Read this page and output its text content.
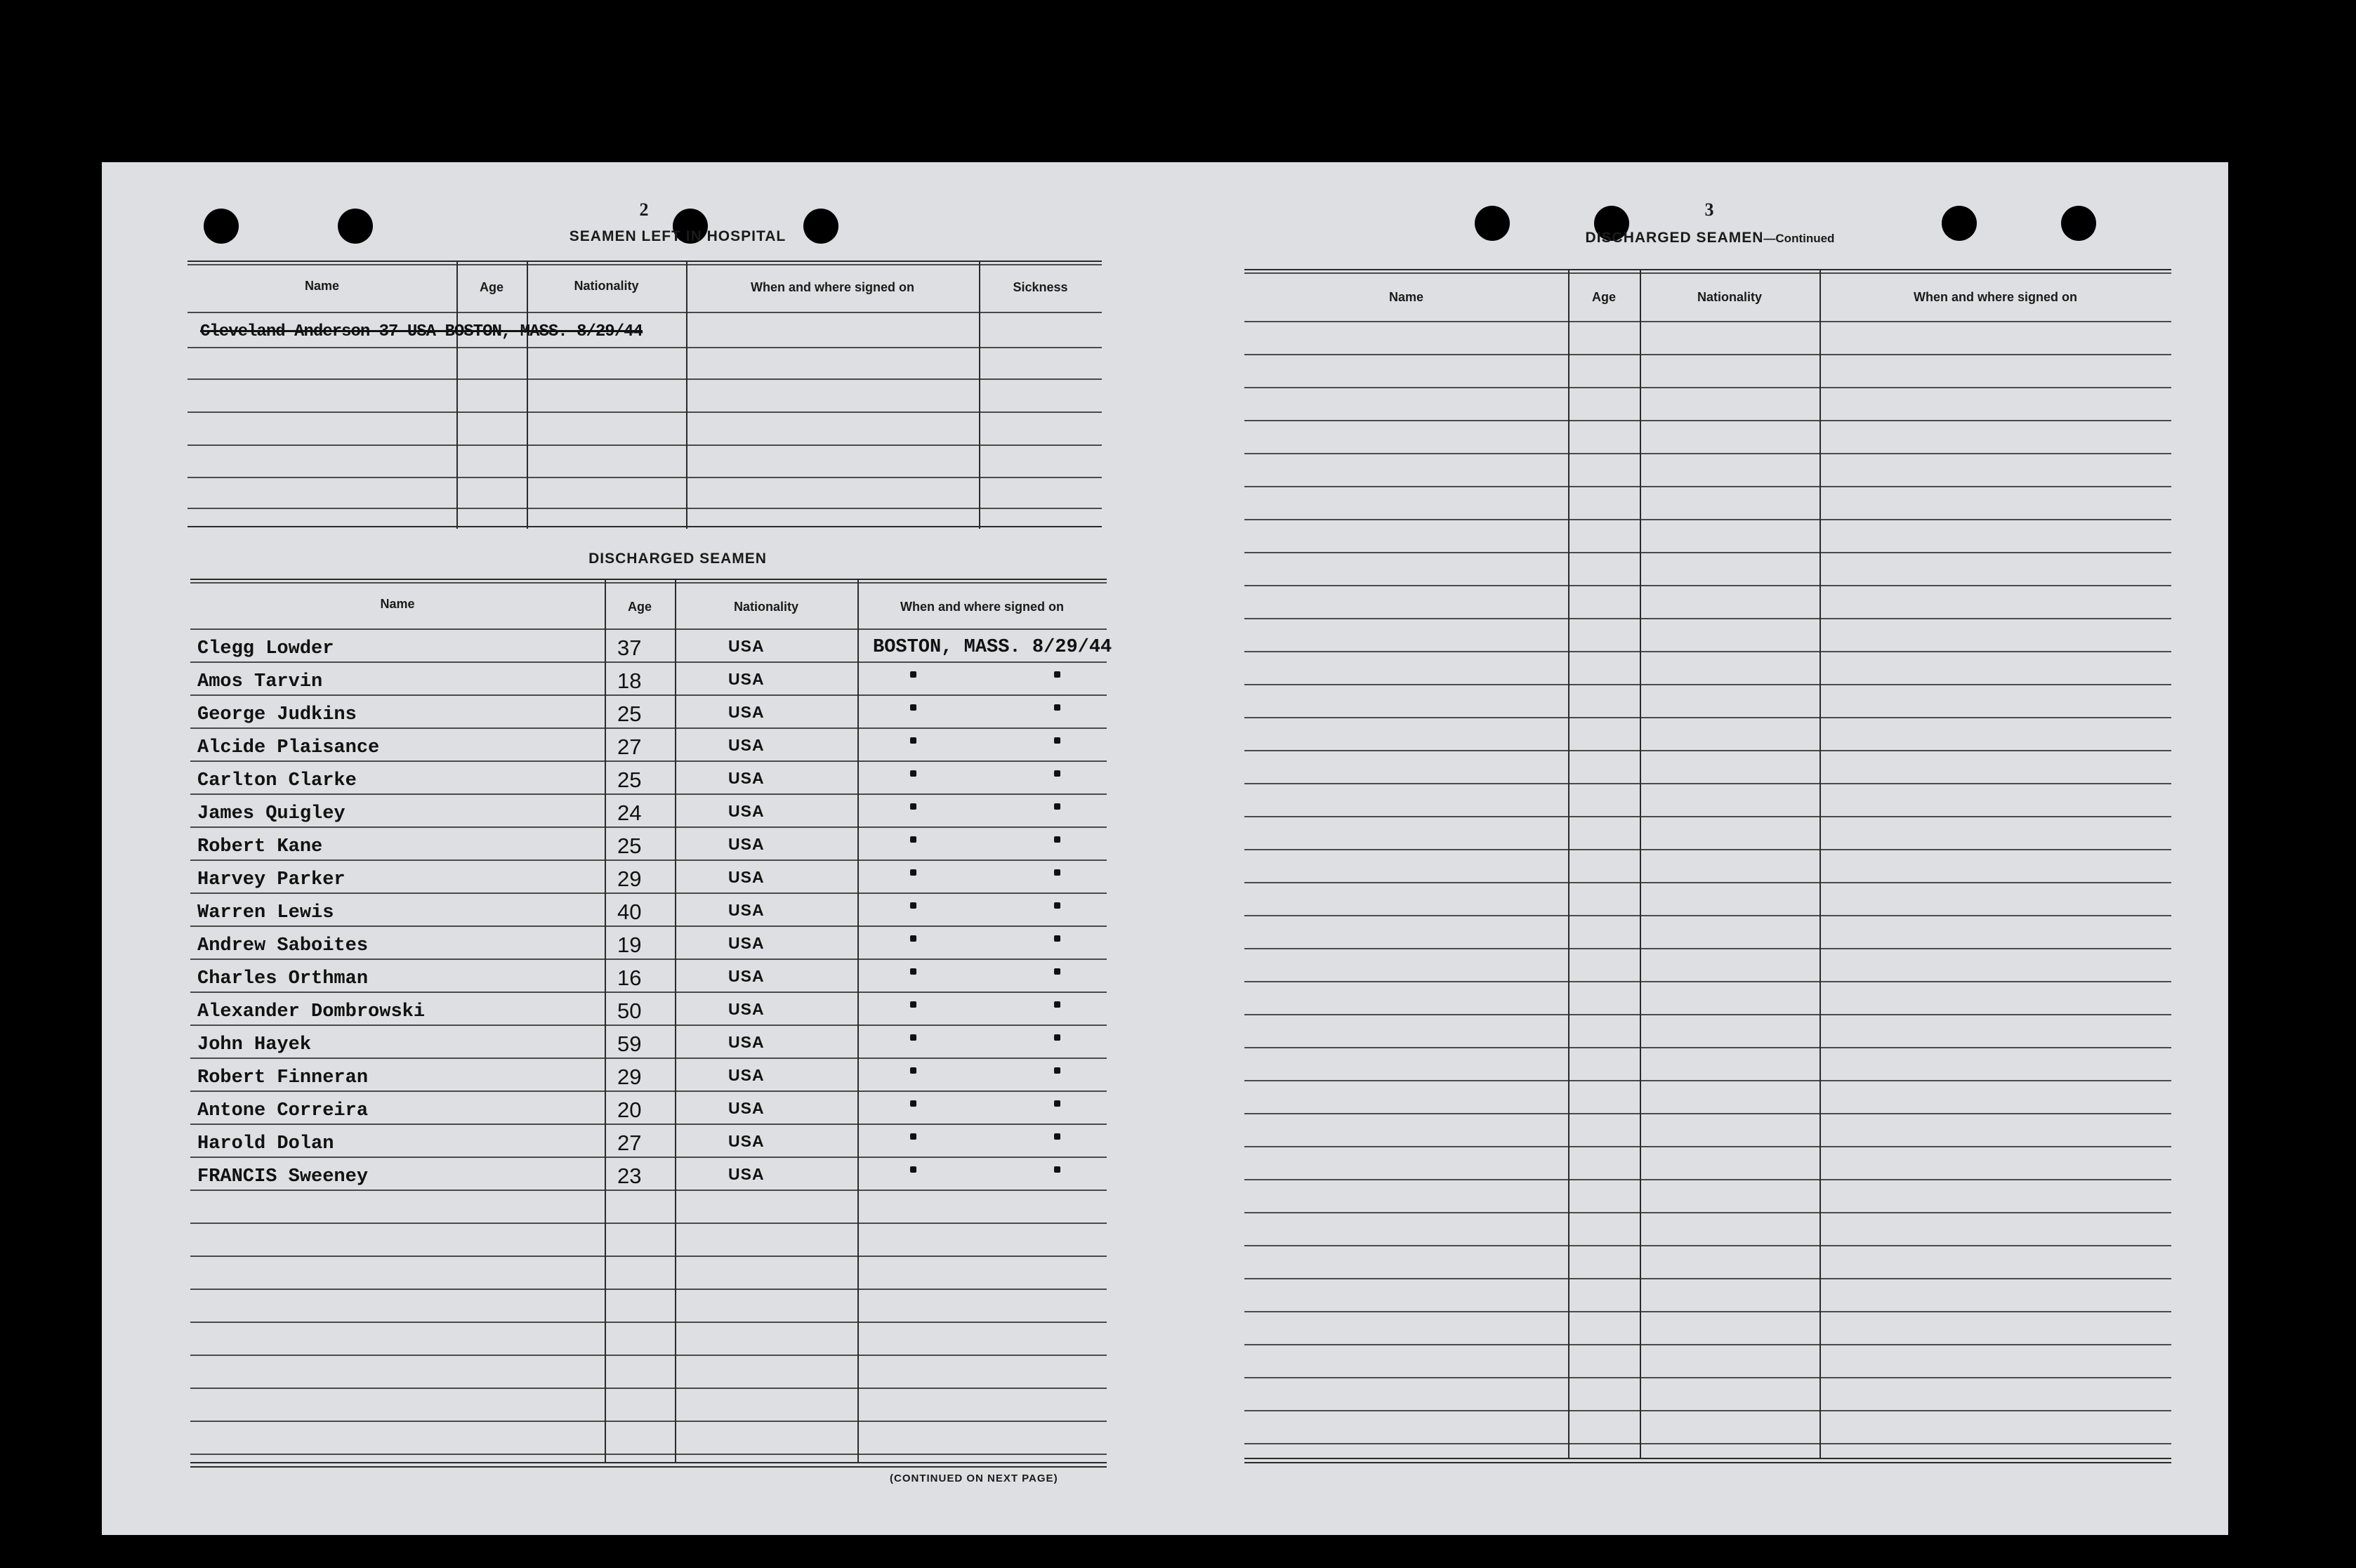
2
SEAMEN LEFT IN HOSPITAL
Name	Age	Nationality	When and where signed on	Sickness
Cleveland Anderson 37 USA BOSTON, MASS. 8/29/44
DISCHARGED SEAMEN
Name	Age	Nationality	When and where signed on
Clegg Lowder	37	USA	BOSTON, MASS. 8/29/44
Amos Tarvin	18	USA
George Judkins	25	USA
Alcide Plaisance	27	USA
Carlton Clarke	25	USA
James Quigley	24	USA
Robert Kane	25	USA
Harvey Parker	29	USA
Warren Lewis	40	USA
Andrew Saboites	19	USA
Charles Orthman	16	USA
Alexander Dombrowski	50	USA
John Hayek	59	USA
Robert Finneran	29	USA
Antone Correira	20	USA
Harold Dolan	27	USA
FRANCIS Sweeney	23	USA
(CONTINUED ON NEXT PAGE)
3
DISCHARGED SEAMEN—Continued
Name	Age	Nationality	When and where signed on
